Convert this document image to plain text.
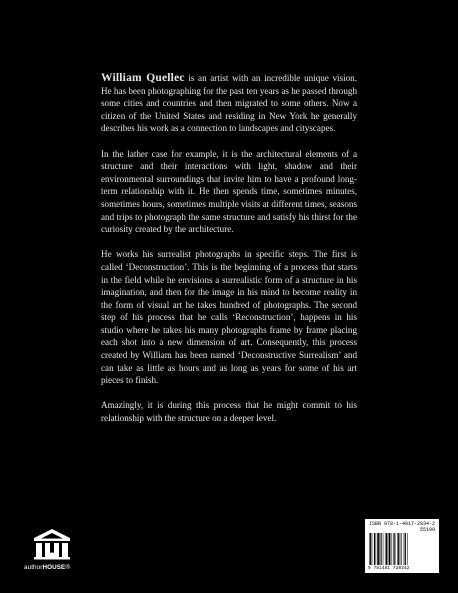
William Quellec is an artist with an incredible unique vision. He has been photographing for the past ten years as he passed through some cities and countries and then migrated to some others. Now a citizen of the United States and residing in New York he generally describes his work as a connection to landscapes and cityscapes.

In the lather case for example, it is the architectural elements of a structure and their interactions with light, shadow and their environmental surroundings that invite him to have a profound long-term relationship with it. He then spends time, sometimes minutes, sometimes hours, sometimes multiple visits at different times, seasons and trips to photograph the same structure and satisfy his thirst for the curiosity created by the architecture.

He works his surrealist photographs in specific steps. The first is called ‘Deconstruction’. This is the beginning of a process that starts in the field while he envisions a surrealistic form of a structure in his imagination, and then for the image in his mind to become reality in the form of visual art he takes hundred of photographs. The second step of his process that he calls ‘Reconstruction’, happens in his studio where he takes his many photographs frame by frame placing each shot into a new dimension of art. Consequently, this process created by William has been named ‘Deconstructive Surrealism’ and can take as little as hours and as long as years for some of his art pieces to finish.

Amazingly, it is during this process that he might commit to his relationship with the structure on a deeper level.

authorHOUSE®
ISBN 978-1-4817-2034-2
55199
9 781481 720342
